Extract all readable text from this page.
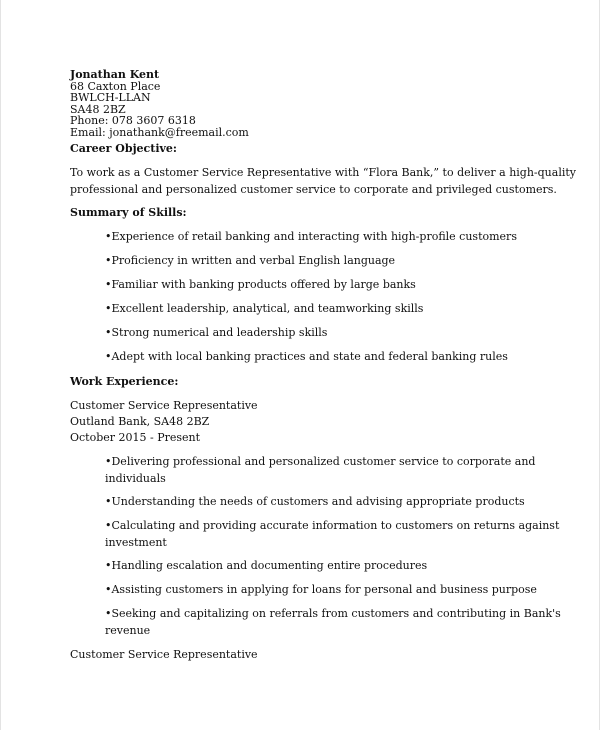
Jonathan Kent
68 Caxton Place
BWLCH-LLAN
SA48 2BZ
Phone: 078 3607 6318
Email: jonathank@freemail.com
Career Objective:
To work as a Customer Service Representative with “Flora Bank,” to deliver a high-quality
professional and personalized customer service to corporate and privileged customers.
Summary of Skills:
•Experience of retail banking and interacting with high-profile customers
•Proficiency in written and verbal English language
•Familiar with banking products offered by large banks
•Excellent leadership, analytical, and teamworking skills
•Strong numerical and leadership skills
•Adept with local banking practices and state and federal banking rules
Work Experience:
Customer Service Representative
Outland Bank, SA48 2BZ
October 2015 - Present
•Delivering professional and personalized customer service to corporate and
individuals
•Understanding the needs of customers and advising appropriate products
•Calculating and providing accurate information to customers on returns against
investment
•Handling escalation and documenting entire procedures
•Assisting customers in applying for loans for personal and business purpose
•Seeking and capitalizing on referrals from customers and contributing in Bank's
revenue
Customer Service Representative
